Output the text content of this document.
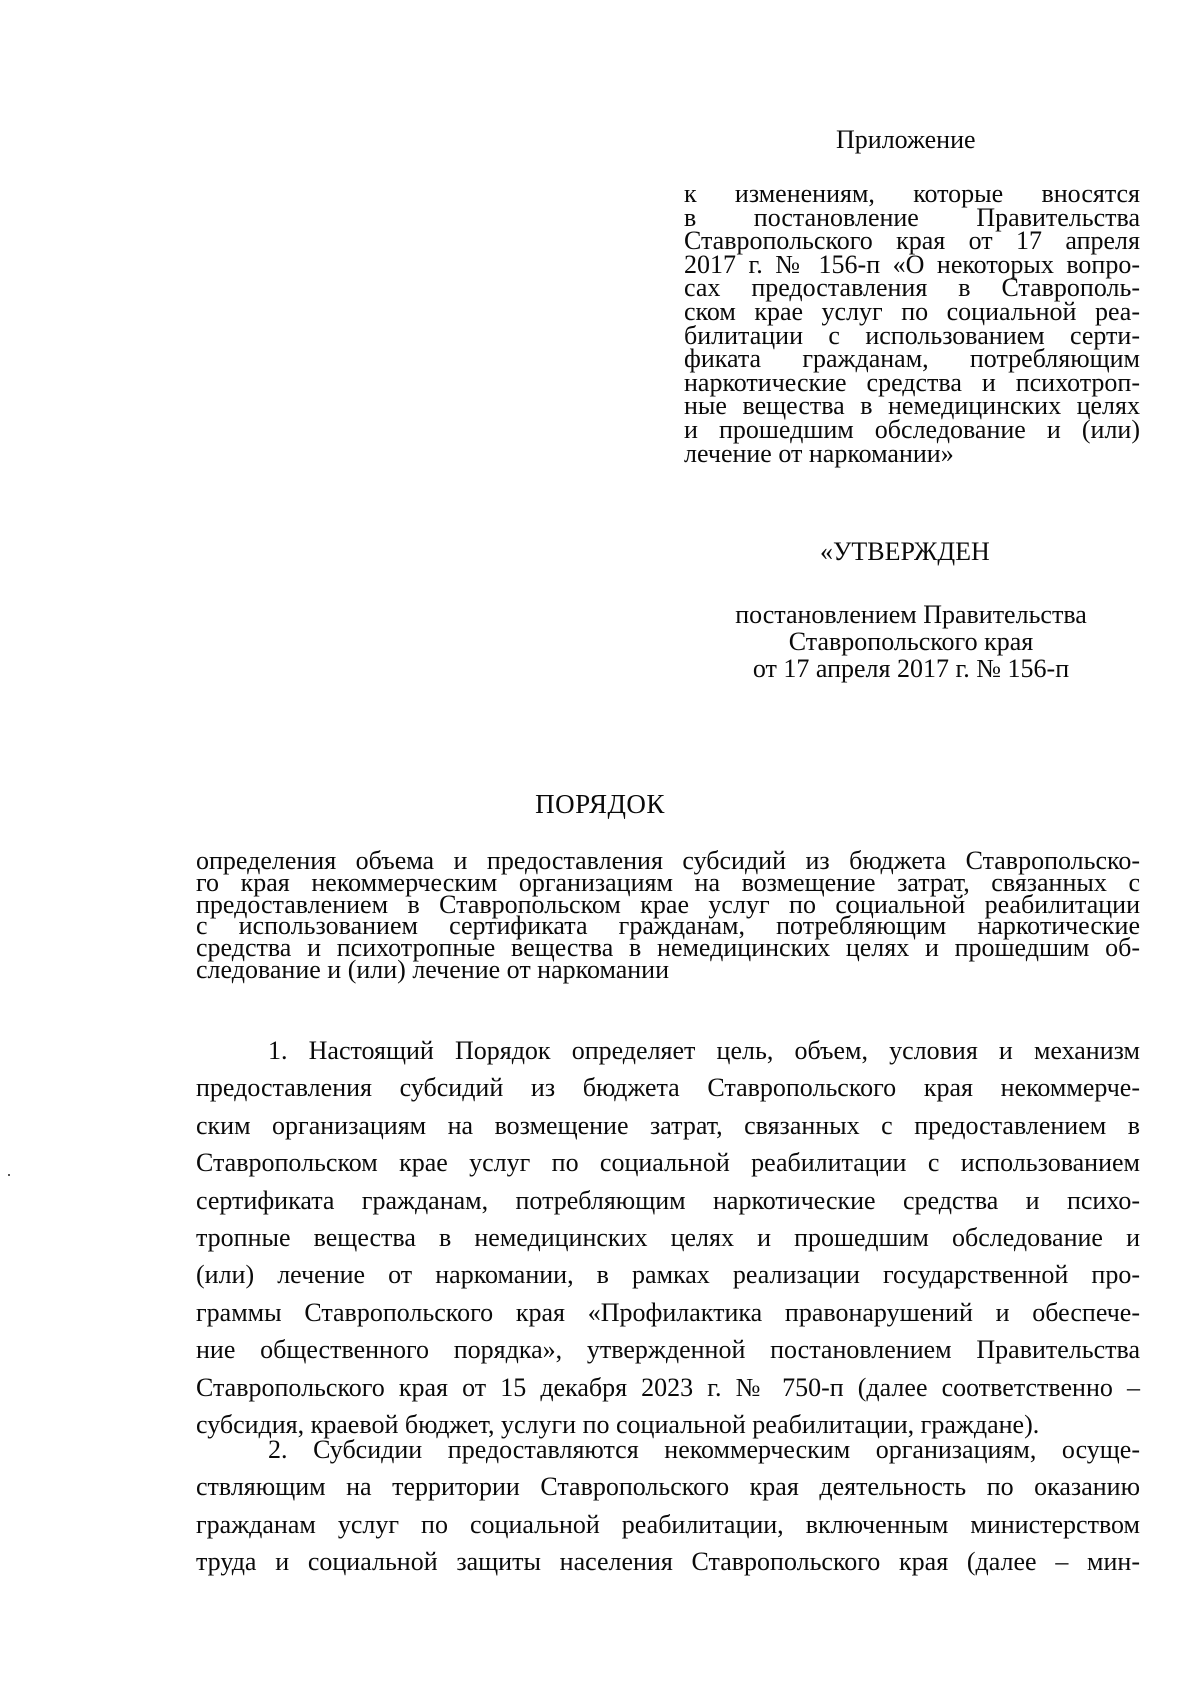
Приложение
к изменениям, которые вносятся
в постановление Правительства
Ставропольского края от 17 апреля
2017 г. № 156-п «О некоторых вопро-
сах предоставления в Ставрополь-
ском крае услуг по социальной реа-
билитации с использованием серти-
фиката гражданам, потребляющим
наркотические средства и психотроп-
ные вещества в немедицинских целях
и прошедшим обследование и (или)
лечение от наркомании»
«УТВЕРЖДЕН
постановлением Правительства
Ставропольского края
от 17 апреля 2017 г. № 156-п
ПОРЯДОК
определения объема и предоставления субсидий из бюджета Ставропольско-
го края некоммерческим организациям на возмещение затрат, связанных с
предоставлением в Ставропольском крае услуг по социальной реабилитации
с использованием сертификата гражданам, потребляющим наркотические
средства и психотропные вещества в немедицинских целях и прошедшим об-
следование и (или) лечение от наркомании
1. Настоящий Порядок определяет цель, объем, условия и механизм
предоставления субсидий из бюджета Ставропольского края некоммерче-
ским организациям на возмещение затрат, связанных с предоставлением в
Ставропольском крае услуг по социальной реабилитации с использованием
сертификата гражданам, потребляющим наркотические средства и психо-
тропные вещества в немедицинских целях и прошедшим обследование и
(или) лечение от наркомании, в рамках реализации государственной про-
граммы Ставропольского края «Профилактика правонарушений и обеспече-
ние общественного порядка», утвержденной постановлением Правительства
Ставропольского края от 15 декабря 2023 г. № 750-п (далее соответственно –
субсидия, краевой бюджет, услуги по социальной реабилитации, граждане).
2. Субсидии предоставляются некоммерческим организациям, осуще-
ствляющим на территории Ставропольского края деятельность по оказанию
гражданам услуг по социальной реабилитации, включенным министерством
труда и социальной защиты населения Ставропольского края (далее – мин-
